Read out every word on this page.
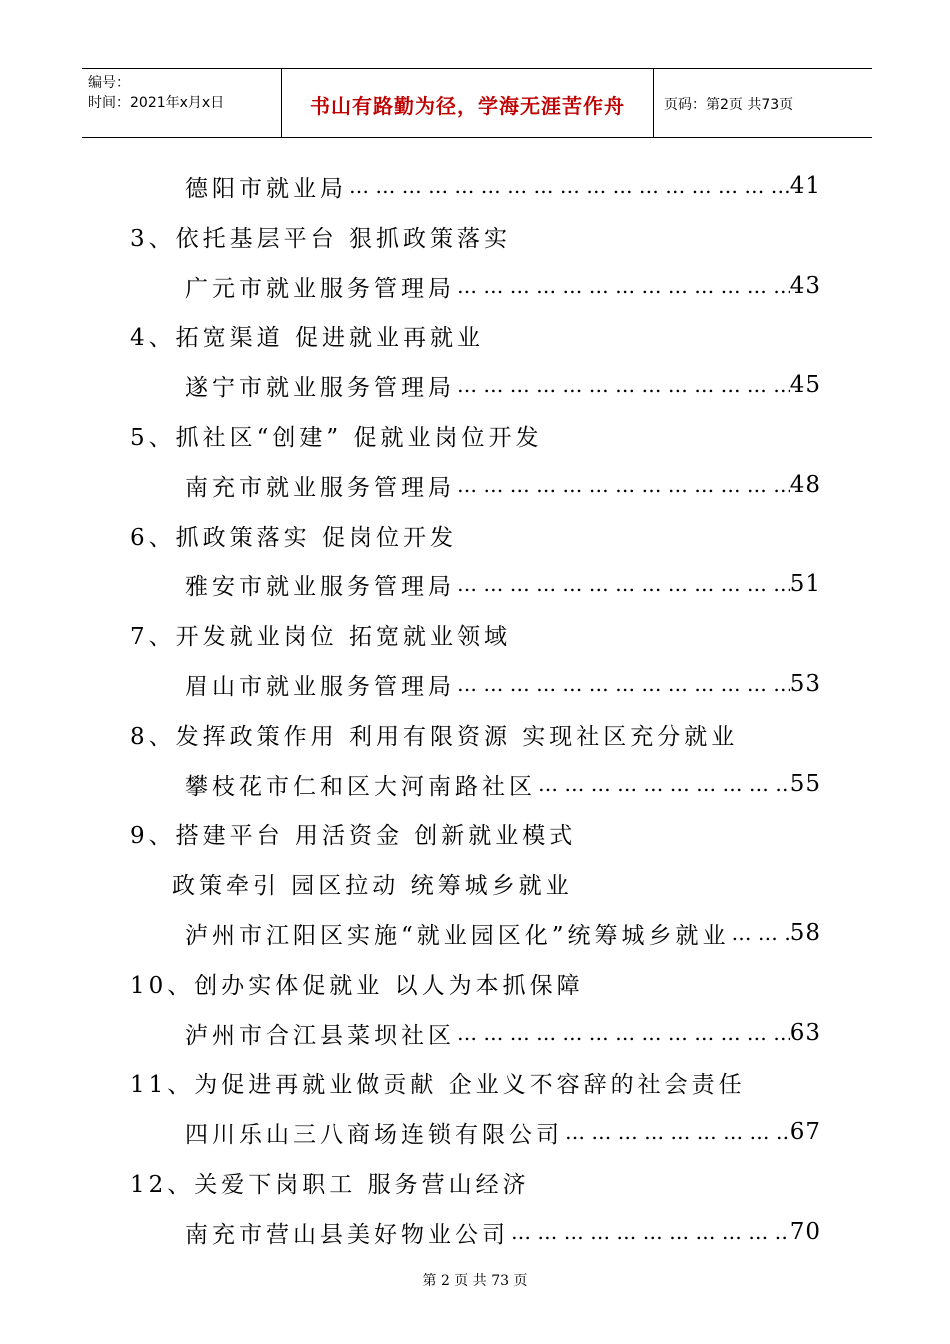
编号：
时间：2021年x月x日	书山有路勤为径，学海无涯苦作舟	页码：第2页 共73页
德阳市就业局 … … … … … … … … … … … … … … … … … … … … … … … … … … … … … … … … … … … … … … … …	41
3、依托基层平台 狠抓政策落实
广元市就业服务管理局 … … … … … … … … … … … … … … … … … … … … … … … … … … … … … … … … … … … … … … … …	43
4、拓宽渠道 促进就业再就业
遂宁市就业服务管理局 … … … … … … … … … … … … … … … … … … … … … … … … … … … … … … … … … … … … … … … …	45
5、抓社区“创建” 促就业岗位开发
南充市就业服务管理局 … … … … … … … … … … … … … … … … … … … … … … … … … … … … … … … … … … … … … … … …	48
6、抓政策落实 促岗位开发
雅安市就业服务管理局 … … … … … … … … … … … … … … … … … … … … … … … … … … … … … … … … … … … … … … … …	51
7、开发就业岗位 拓宽就业领域
眉山市就业服务管理局 … … … … … … … … … … … … … … … … … … … … … … … … … … … … … … … … … … … … … … … …	53
8、发挥政策作用 利用有限资源 实现社区充分就业
攀枝花市仁和区大河南路社区 … … … … … … … … … … … … … … … … … … … … … … … … … … … … … … … … … … … … … … … …	55
9、搭建平台 用活资金 创新就业模式
政策牵引 园区拉动 统筹城乡就业
泸州市江阳区实施“就业园区化”统筹城乡就业 … … … … … … … … … … … … … … … … … … … … … … … … … … … … … … … … … … … … … … … …	58
10、创办实体促就业 以人为本抓保障
泸州市合江县菜坝社区 … … … … … … … … … … … … … … … … … … … … … … … … … … … … … … … … … … … … … … … …	63
11、为促进再就业做贡献 企业义不容辞的社会责任
四川乐山三八商场连锁有限公司 … … … … … … … … … … … … … … … … … … … … … … … … … … … … … … … … … … … … … … … …	67
12、关爱下岗职工 服务营山经济
南充市营山县美好物业公司 … … … … … … … … … … … … … … … … … … … … … … … … … … … … … … … … … … … … … … … …	70
第 2 页 共 73 页
